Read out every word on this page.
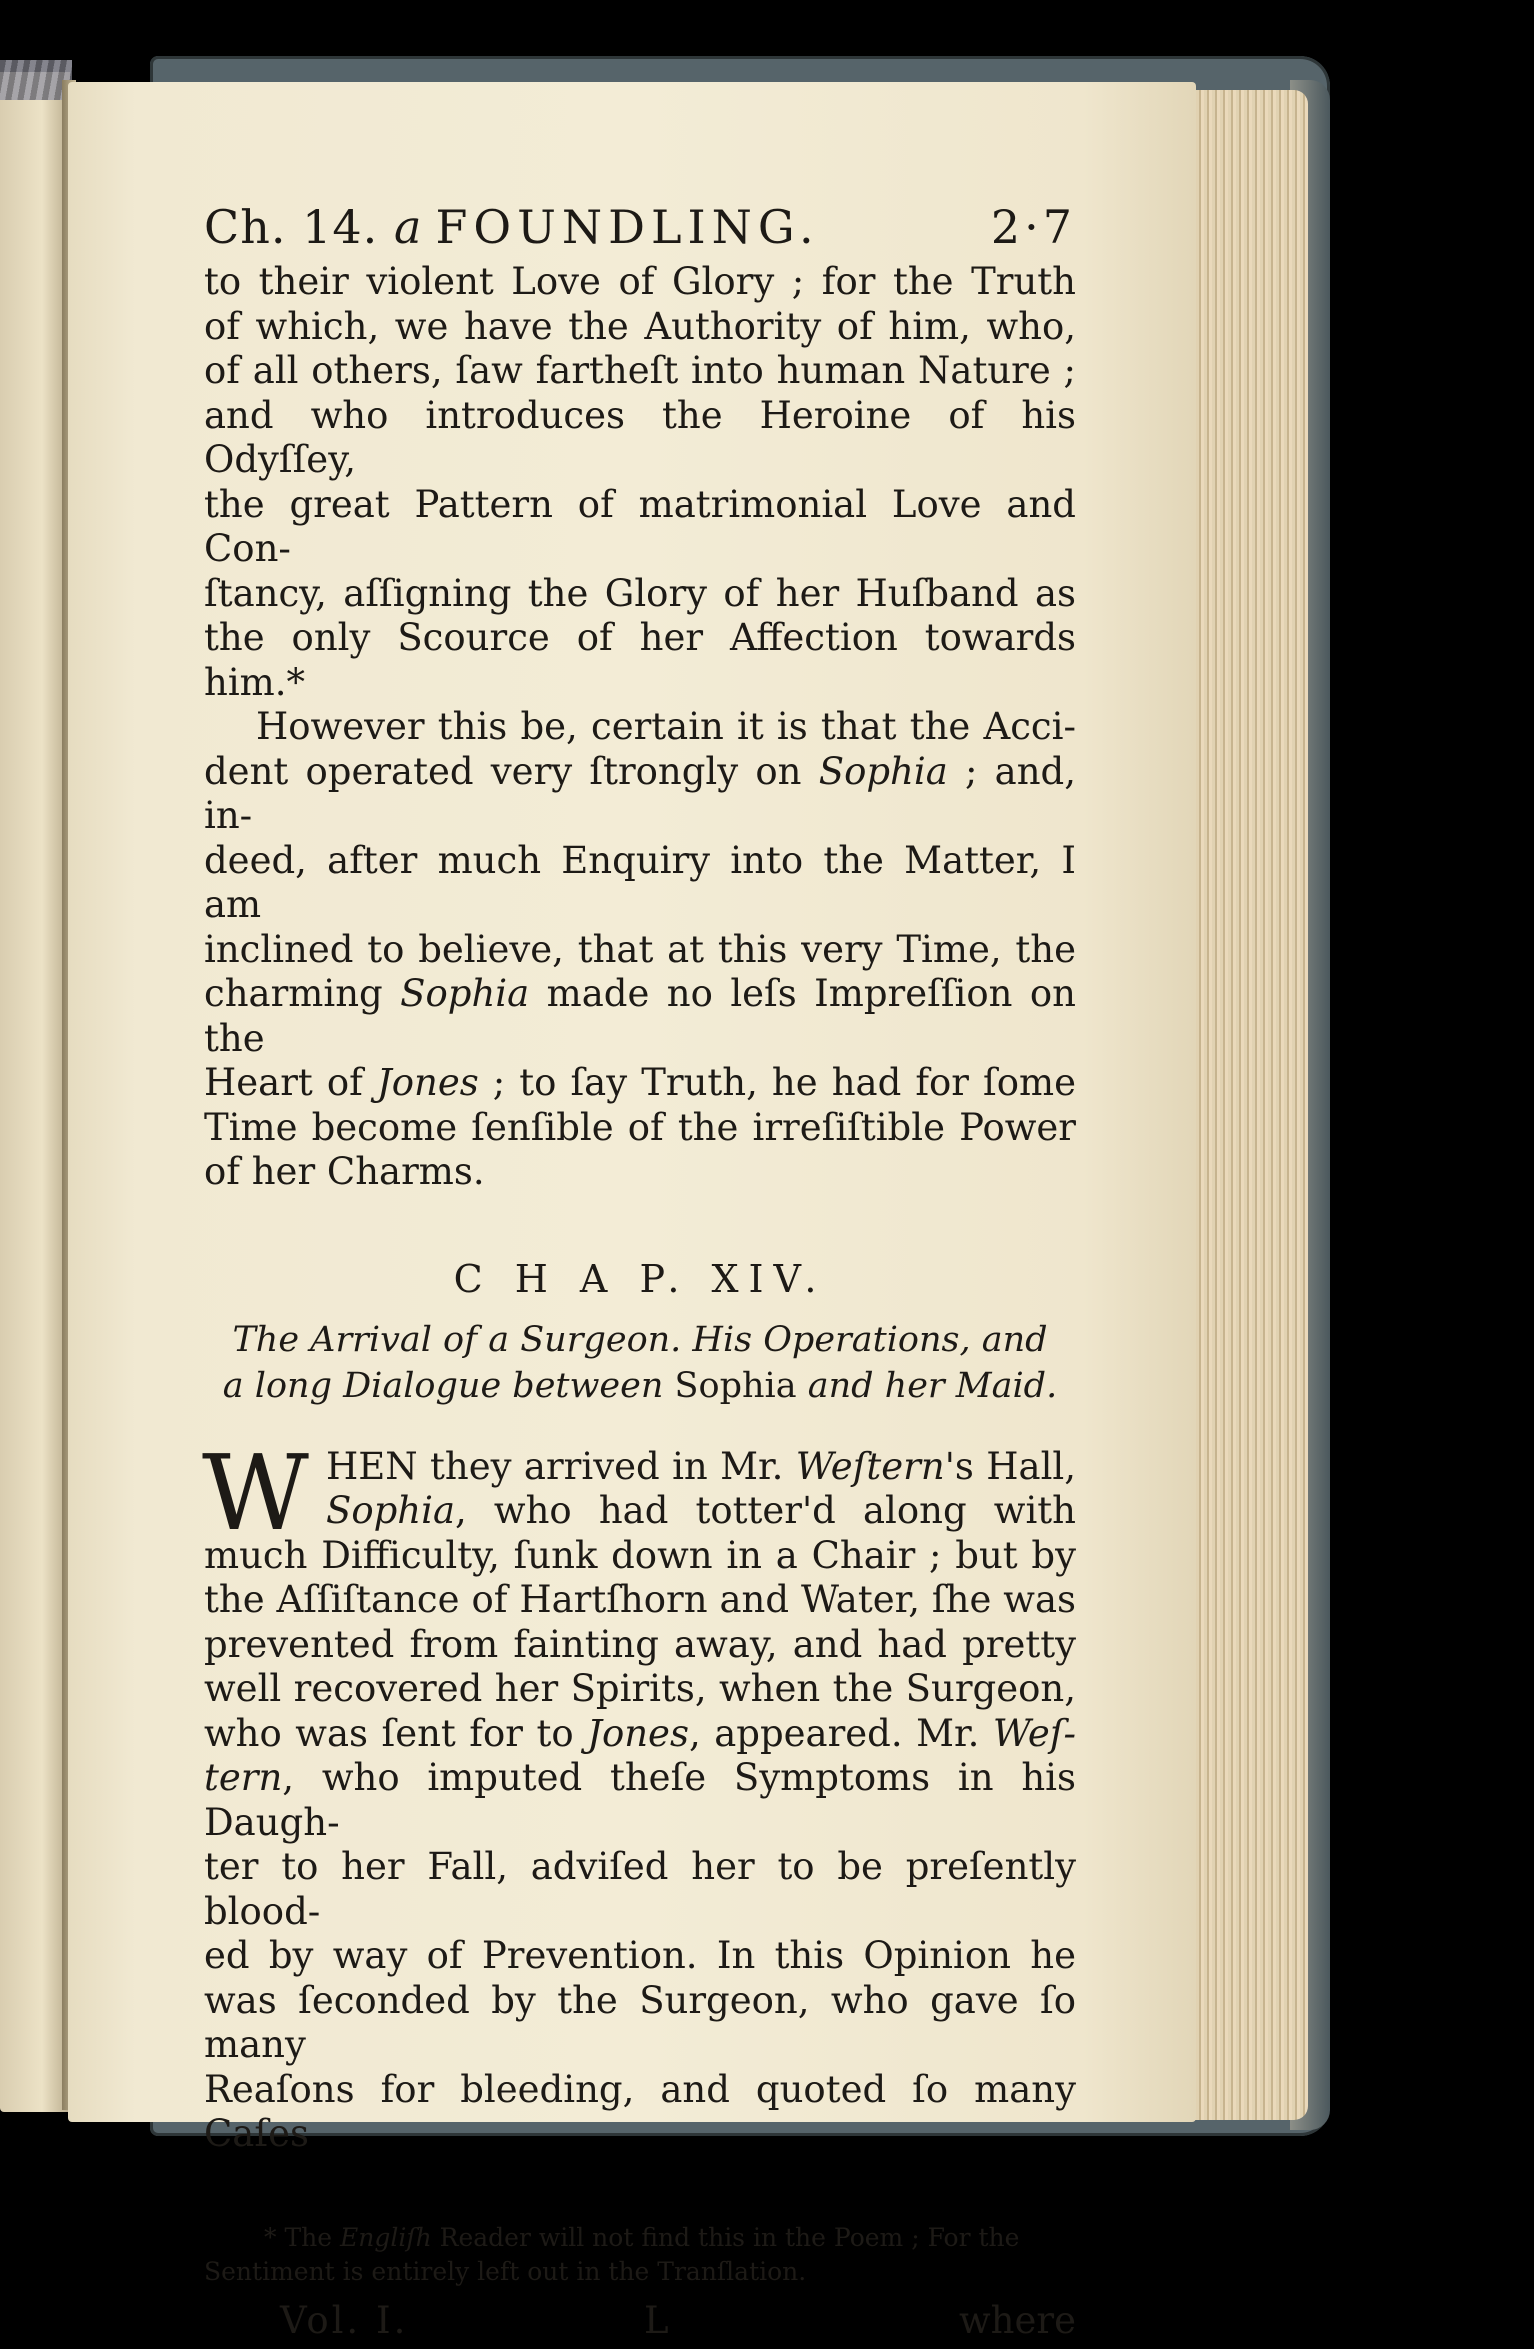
Ch. 14. a FOUNDLING.	2·7

to their violent Love of Glory ; for the Truth

of which, we have the Authority of him, who,

of all others, ſaw fartheſt into human Nature ;

and who introduces the Heroine of his Odyſſey,

the great Pattern of matrimonial Love and Con-

ſtancy, aſſigning the Glory of her Huſband as

the only Scource of her Affection towards him.*

However this be, certain it is that the Acci-

dent operated very ſtrongly on Sophia ; and, in-

deed, after much Enquiry into the Matter, I am

inclined to believe, that at this very Time, the

charming Sophia made no leſs Impreſſion on the

Heart of Jones ; to ſay Truth, he had for ſome

Time become ſenſible of the irreſiſtible Power

of her Charms.

C H A P. XIV.
The Arrival of a Surgeon. His Operations, and
a long Dialogue between Sophia and her Maid.
W HEN they arrived in Mr. Weſtern's Hall,

Sophia, who had totter'd along with

much Difficulty, ſunk down in a Chair ; but by

the Aſſiſtance of Hartſhorn and Water, ſhe was

prevented from fainting away, and had pretty

well recovered her Spirits, when the Surgeon,

who was ſent for to Jones, appeared. Mr. Weſ-

tern, who imputed theſe Symptoms in his Daugh-

ter to her Fall, adviſed her to be preſently blood-

ed by way of Prevention. In this Opinion he

was ſeconded by the Surgeon, who gave ſo many

Reaſons for bleeding, and quoted ſo many Caſes

* The Engliſh Reader will not find this in the Poem ; For the

Sentiment is entirely left out in the Tranſlation.

Vol. I.	L	where
